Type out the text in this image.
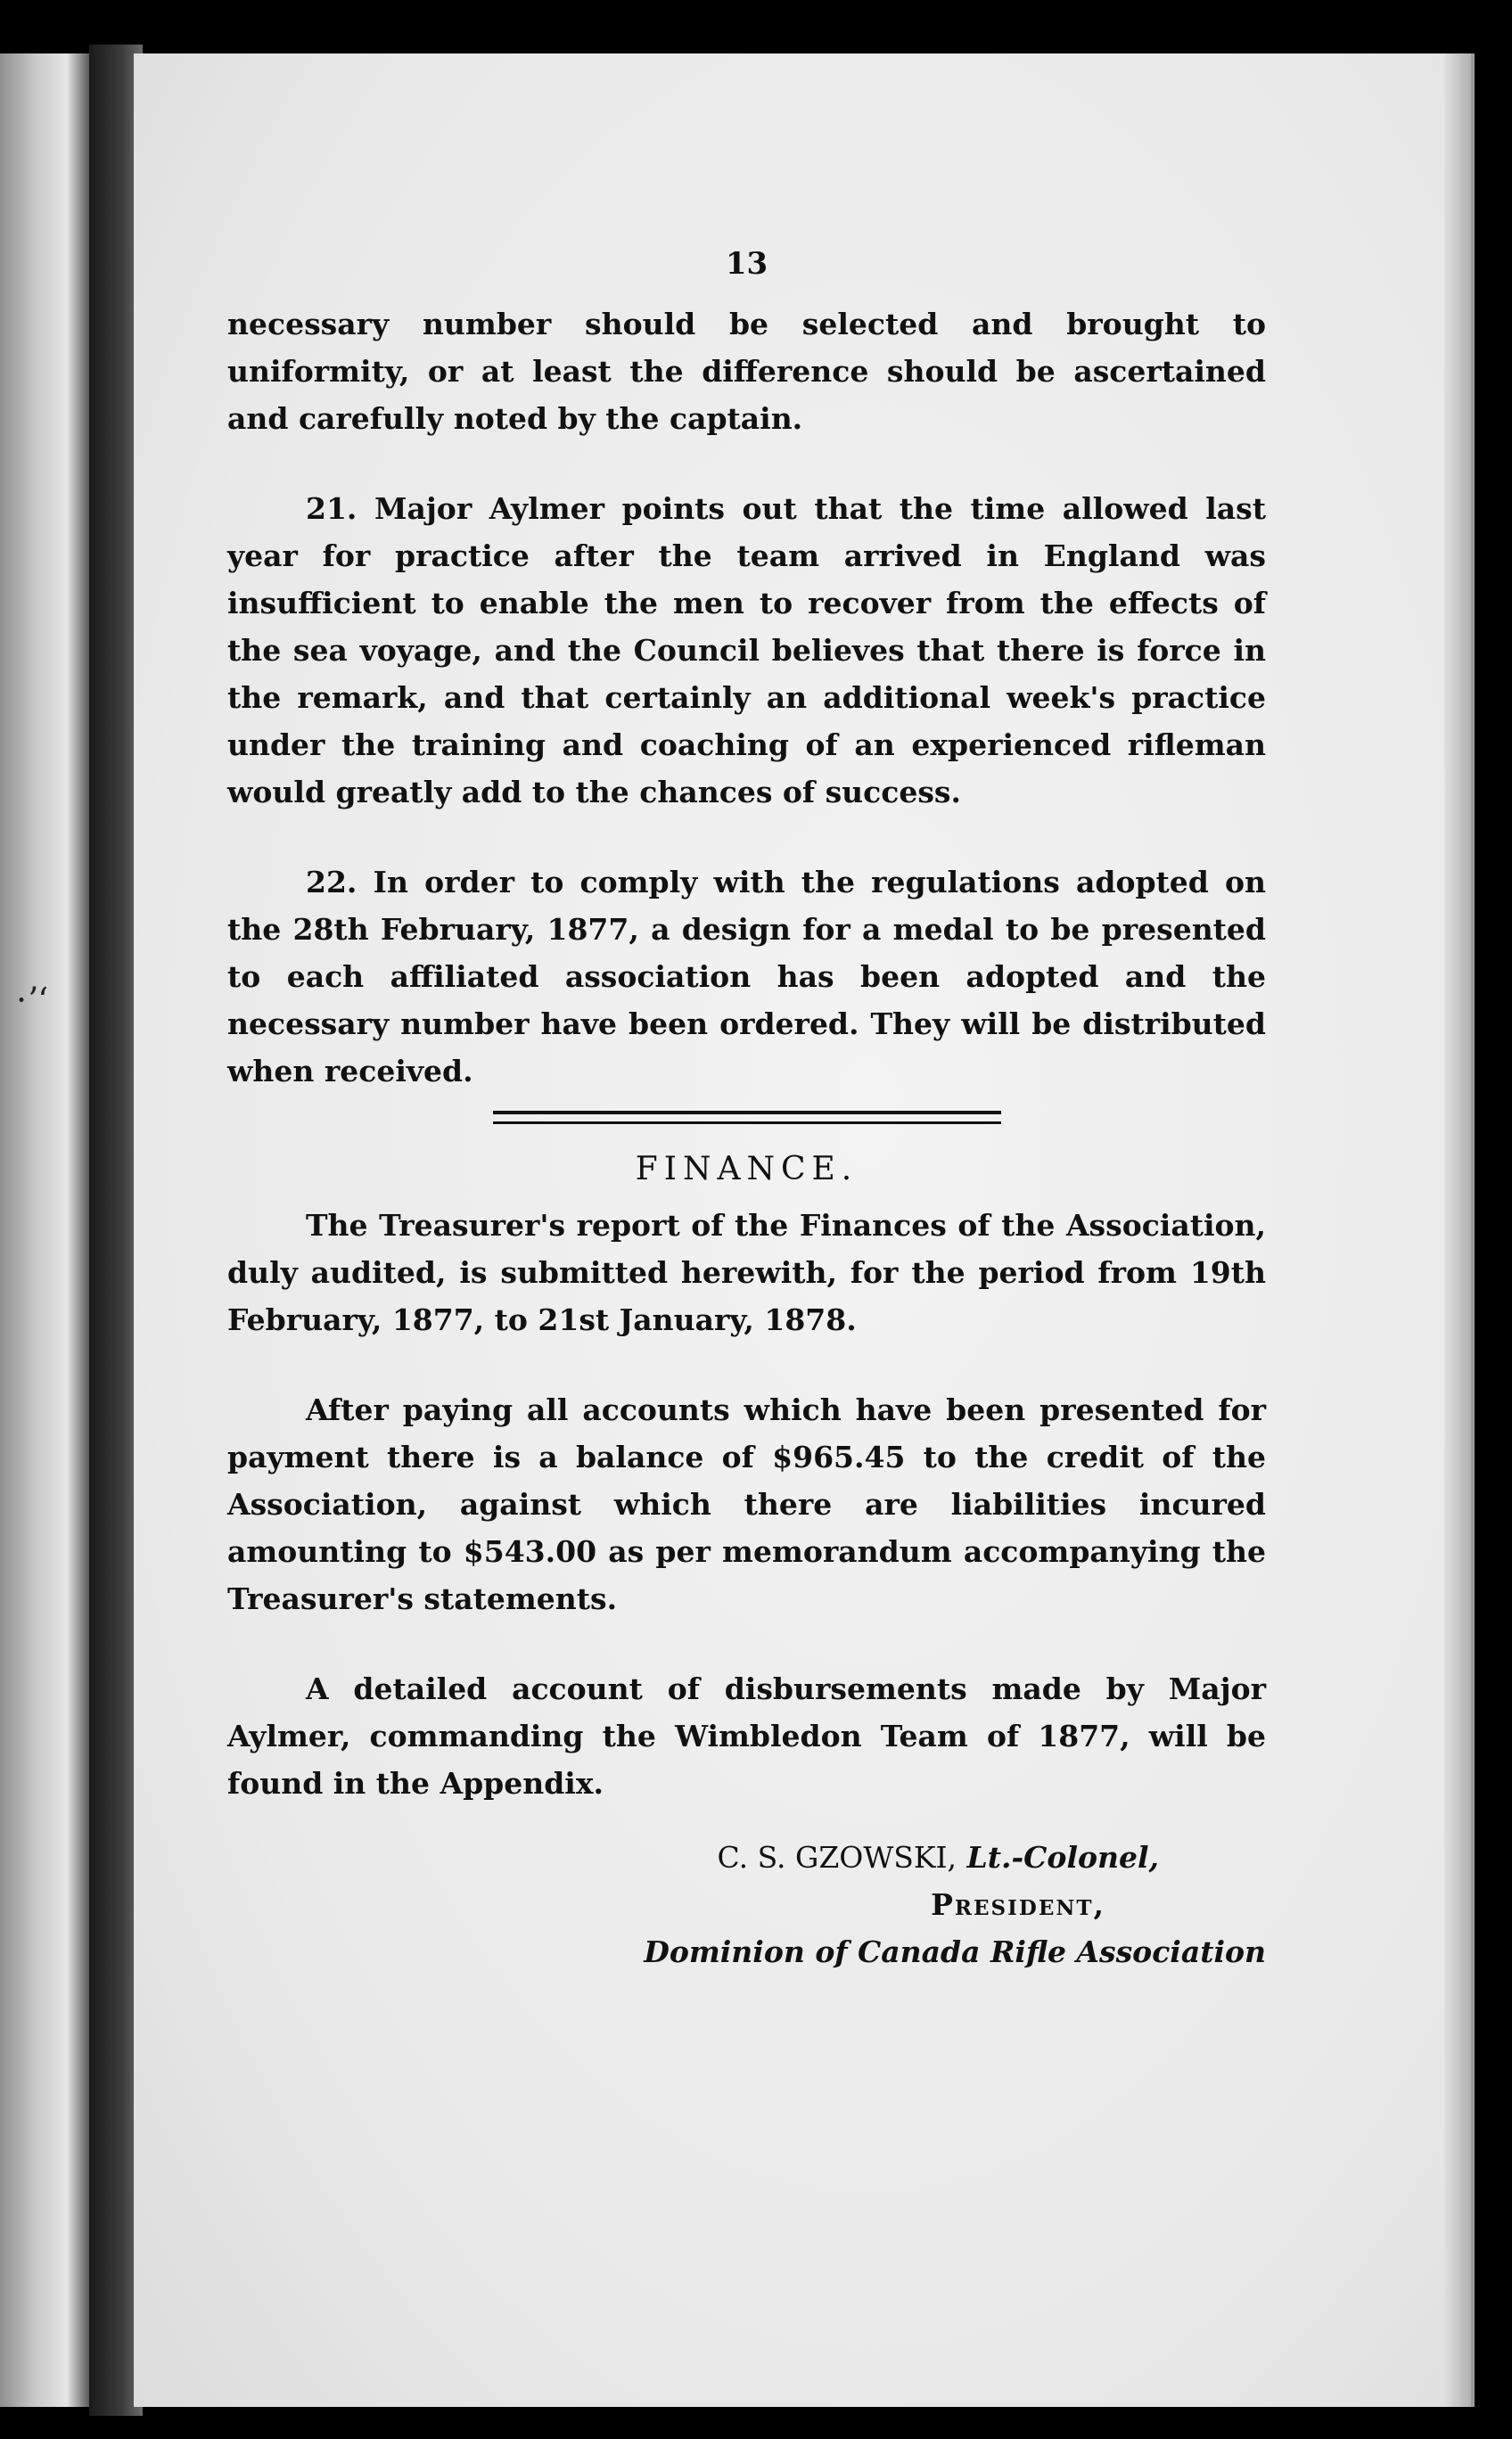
·ʼ‘

13

necessary number should be selected and brought to uniformity, or at least the difference should be ascertained and carefully noted by the captain.

21. Major Aylmer points out that the time allowed last year for practice after the team arrived in England was insufficient to enable the men to recover from the effects of the sea voyage, and the Council believes that there is force in the remark, and that certainly an additional week's practice under the training and coaching of an experienced rifleman would greatly add to the chances of success.

22. In order to comply with the regulations adopted on the 28th February, 1877, a design for a medal to be presented to each affiliated association has been adopted and the necessary number have been ordered. They will be distributed when received.

FINANCE.

The Treasurer's report of the Finances of the Association, duly audited, is submitted herewith, for the period from 19th February, 1877, to 21st January, 1878.

After paying all accounts which have been presented for payment there is a balance of $965.45 to the credit of the Association, against which there are liabilities incured amounting to $543.00 as per memorandum accompanying the Treasurer's statements.

A detailed account of disbursements made by Major Aylmer, commanding the Wimbledon Team of 1877, will be found in the Appendix.

C. S. GZOWSKI, Lt.-Colonel,

President,

Dominion of Canada Rifle Association
